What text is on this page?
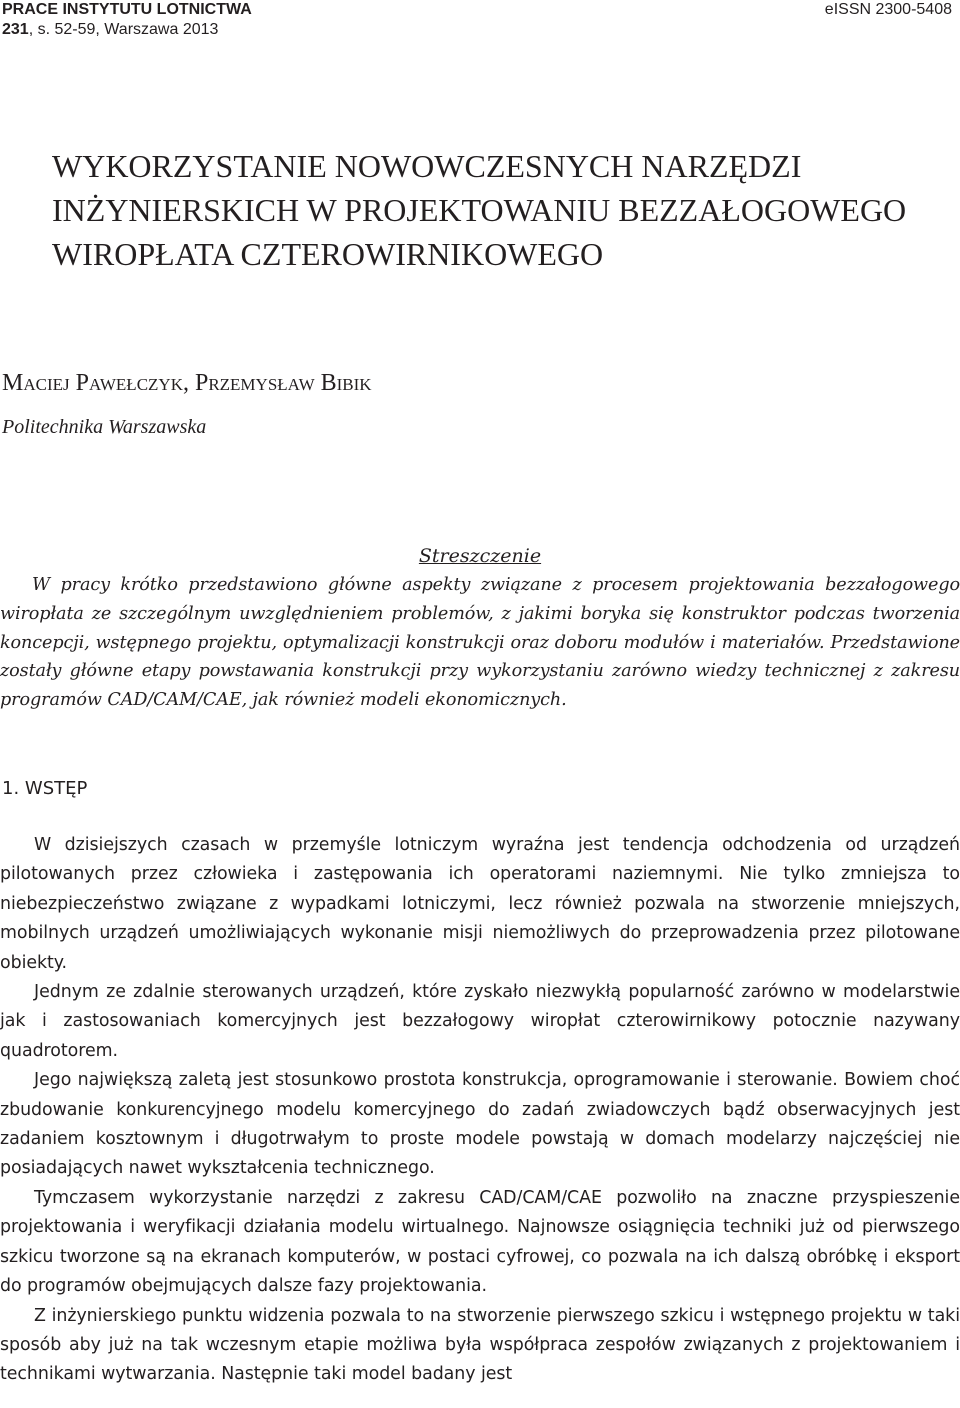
PRACE INSTYTUTU LOTNICTWA
231, s. 52-59, Warszawa 2013
eISSN 2300-5408
WYKORZYSTANIE NOWOWCZESNYCH NARZĘDZI
INŻYNIERSKICH W PROJEKTOWANIU BEZZAŁOGOWEGO
WIROPŁATA CZTEROWIRNIKOWEGO
Maciej Pawełczyk, Przemysław Bibik
Politechnika Warszawska
Streszczenie

W pracy krótko przedstawiono główne aspekty związane z procesem projektowania bezzałogowego wiropłata ze szczególnym uwzględnieniem problemów, z jakimi boryka się konstruktor podczas tworzenia koncepcji, wstępnego projektu, optymalizacji konstrukcji oraz doboru modułów i materiałów. Przedstawione zostały główne etapy powstawania konstrukcji przy wykorzystaniu zarówno wiedzy technicznej z zakresu programów CAD/CAM/CAE, jak również modeli ekonomicznych.

1. WSTĘP

W dzisiejszych czasach w przemyśle lotniczym wyraźna jest tendencja odchodzenia od urządzeń pilotowanych przez człowieka i zastępowania ich operatorami naziemnymi. Nie tylko zmniejsza to niebezpieczeństwo związane z wypadkami lotniczymi, lecz również pozwala na stworzenie mniejszych, mobilnych urządzeń umożliwiających wykonanie misji niemożliwych do przeprowadzenia przez pilotowane obiekty.

Jednym ze zdalnie sterowanych urządzeń, które zyskało niezwykłą popularność zarówno w modelarstwie jak i zastosowaniach komercyjnych jest bezzałogowy wiropłat czterowirnikowy potocznie nazywany quadrotorem.

Jego największą zaletą jest stosunkowo prostota konstrukcja, oprogramowanie i sterowanie. Bowiem choć zbudowanie konkurencyjnego modelu komercyjnego do zadań zwiadowczych bądź obserwacyjnych jest zadaniem kosztownym i długotrwałym to proste modele powstają w domach modelarzy najczęściej nie posiadających nawet wykształcenia technicznego.

Tymczasem wykorzystanie narzędzi z zakresu CAD/CAM/CAE pozwoliło na znaczne przyspieszenie projektowania i weryfikacji działania modelu wirtualnego. Najnowsze osiągnięcia techniki już od pierwszego szkicu tworzone są na ekranach komputerów, w postaci cyfrowej, co pozwala na ich dalszą obróbkę i eksport do programów obejmujących dalsze fazy projektowania.

Z inżynierskiego punktu widzenia pozwala to na stworzenie pierwszego szkicu i wstępnego projektu w taki sposób aby już na tak wczesnym etapie możliwa była współpraca zespołów związanych z projektowaniem i technikami wytwarzania. Następnie taki model badany jest
